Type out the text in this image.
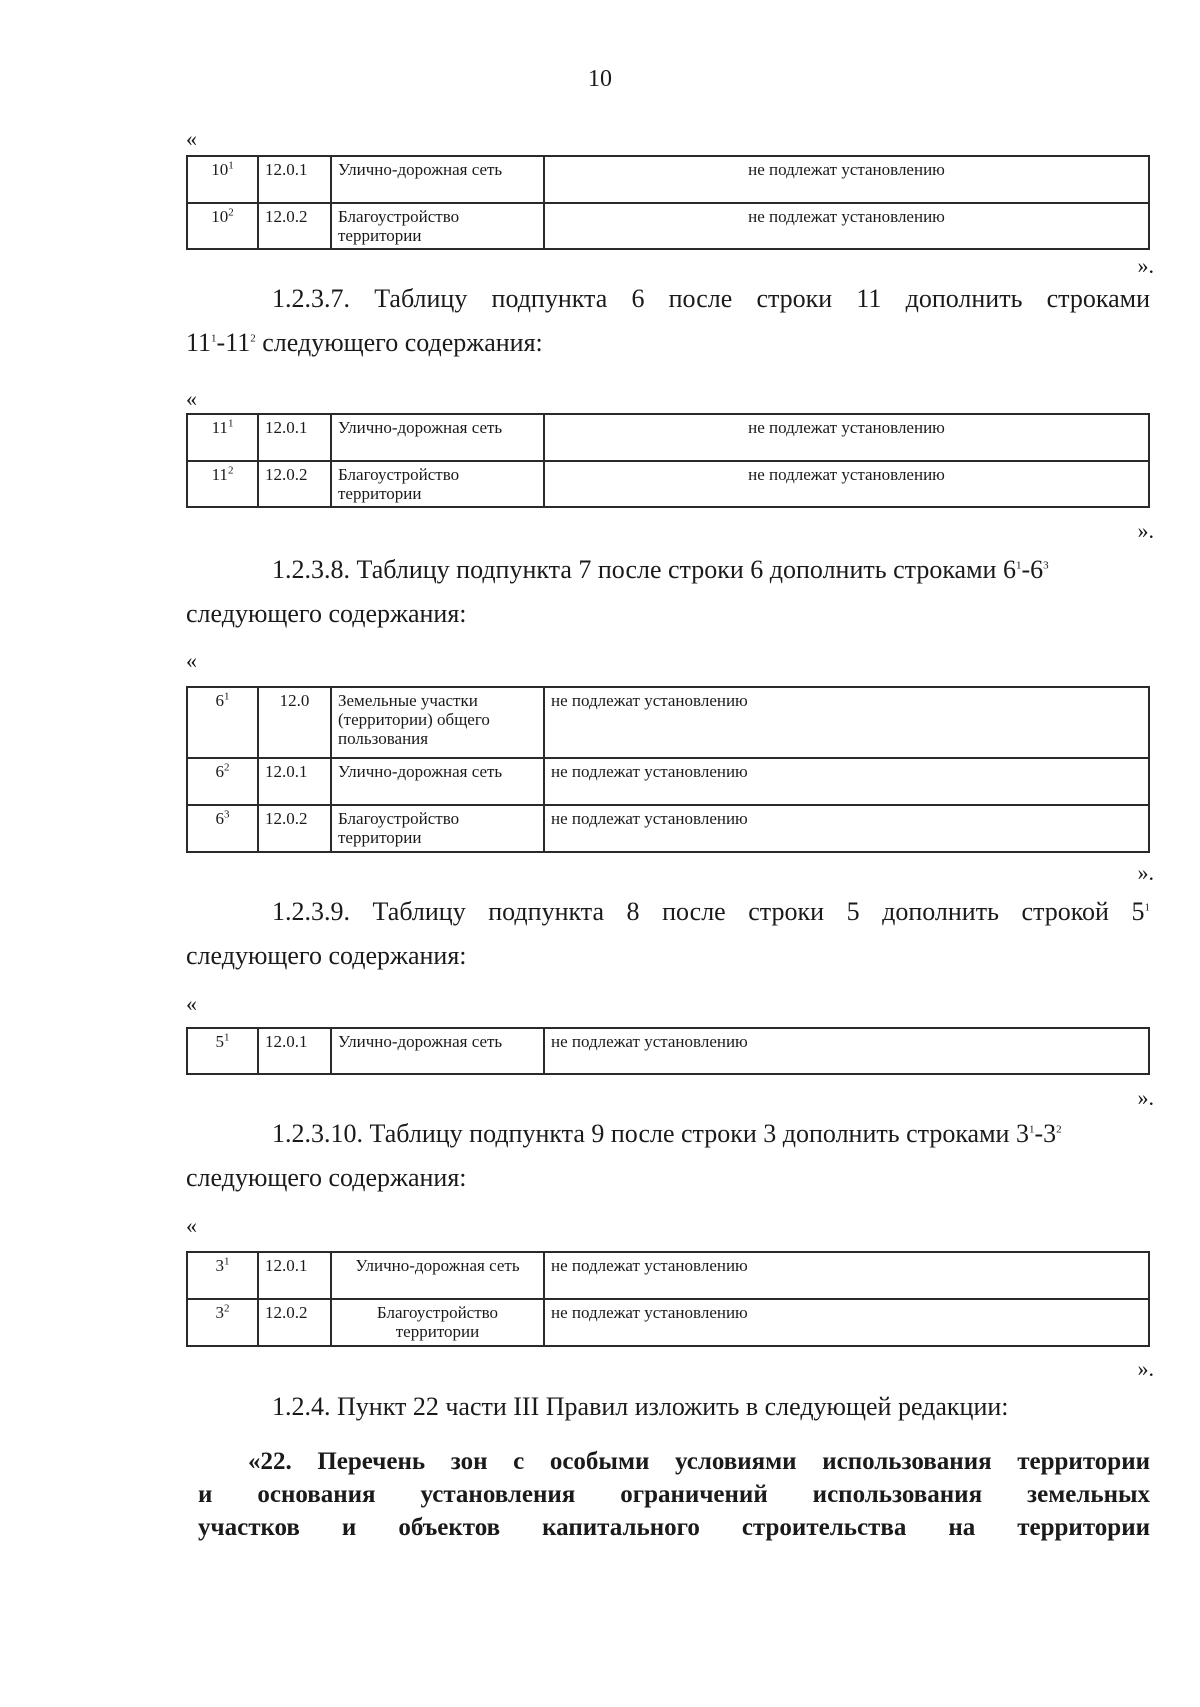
10
«
$10^1$	12.0.1	Улично-дорожная сеть	не подлежат установлению
$10^2$	12.0.2	Благоустройство территории	не подлежат установлению
».
1.2.3.7. Таблицу подпункта 6 после строки 11 дополнить строками
$11^1-11^2$ следующего содержания:
«
$11^1$	12.0.1	Улично-дорожная сеть	не подлежат установлению
$11^2$	12.0.2	Благоустройство территории	не подлежат установлению
».
1.2.3.8. Таблицу подпункта 7 после строки 6 дополнить строками $6^1-6^3$
следующего содержания:
«
$6^1$	12.0	Земельные участки (территории) общего пользования	не подлежат установлению
$6^2$	12.0.1	Улично-дорожная сеть	не подлежат установлению
$6^3$	12.0.2	Благоустройство территории	не подлежат установлению
».
1.2.3.9. Таблицу подпункта 8 после строки 5 дополнить строкой $5^1$
следующего содержания:
«
$5^1$	12.0.1	Улично-дорожная сеть	не подлежат установлению
».
1.2.3.10. Таблицу подпункта 9 после строки 3 дополнить строками $3^1-3^2$
следующего содержания:
«
$3^1$	12.0.1	Улично-дорожная сеть	не подлежат установлению
$3^2$	12.0.2	Благоустройство территории	не подлежат установлению
».
1.2.4. Пункт 22 части III Правил изложить в следующей редакции:
«22. Перечень зон с особыми условиями использования территории
и основания установления ограничений использования земельных
участков и объектов капитального строительства на территории
